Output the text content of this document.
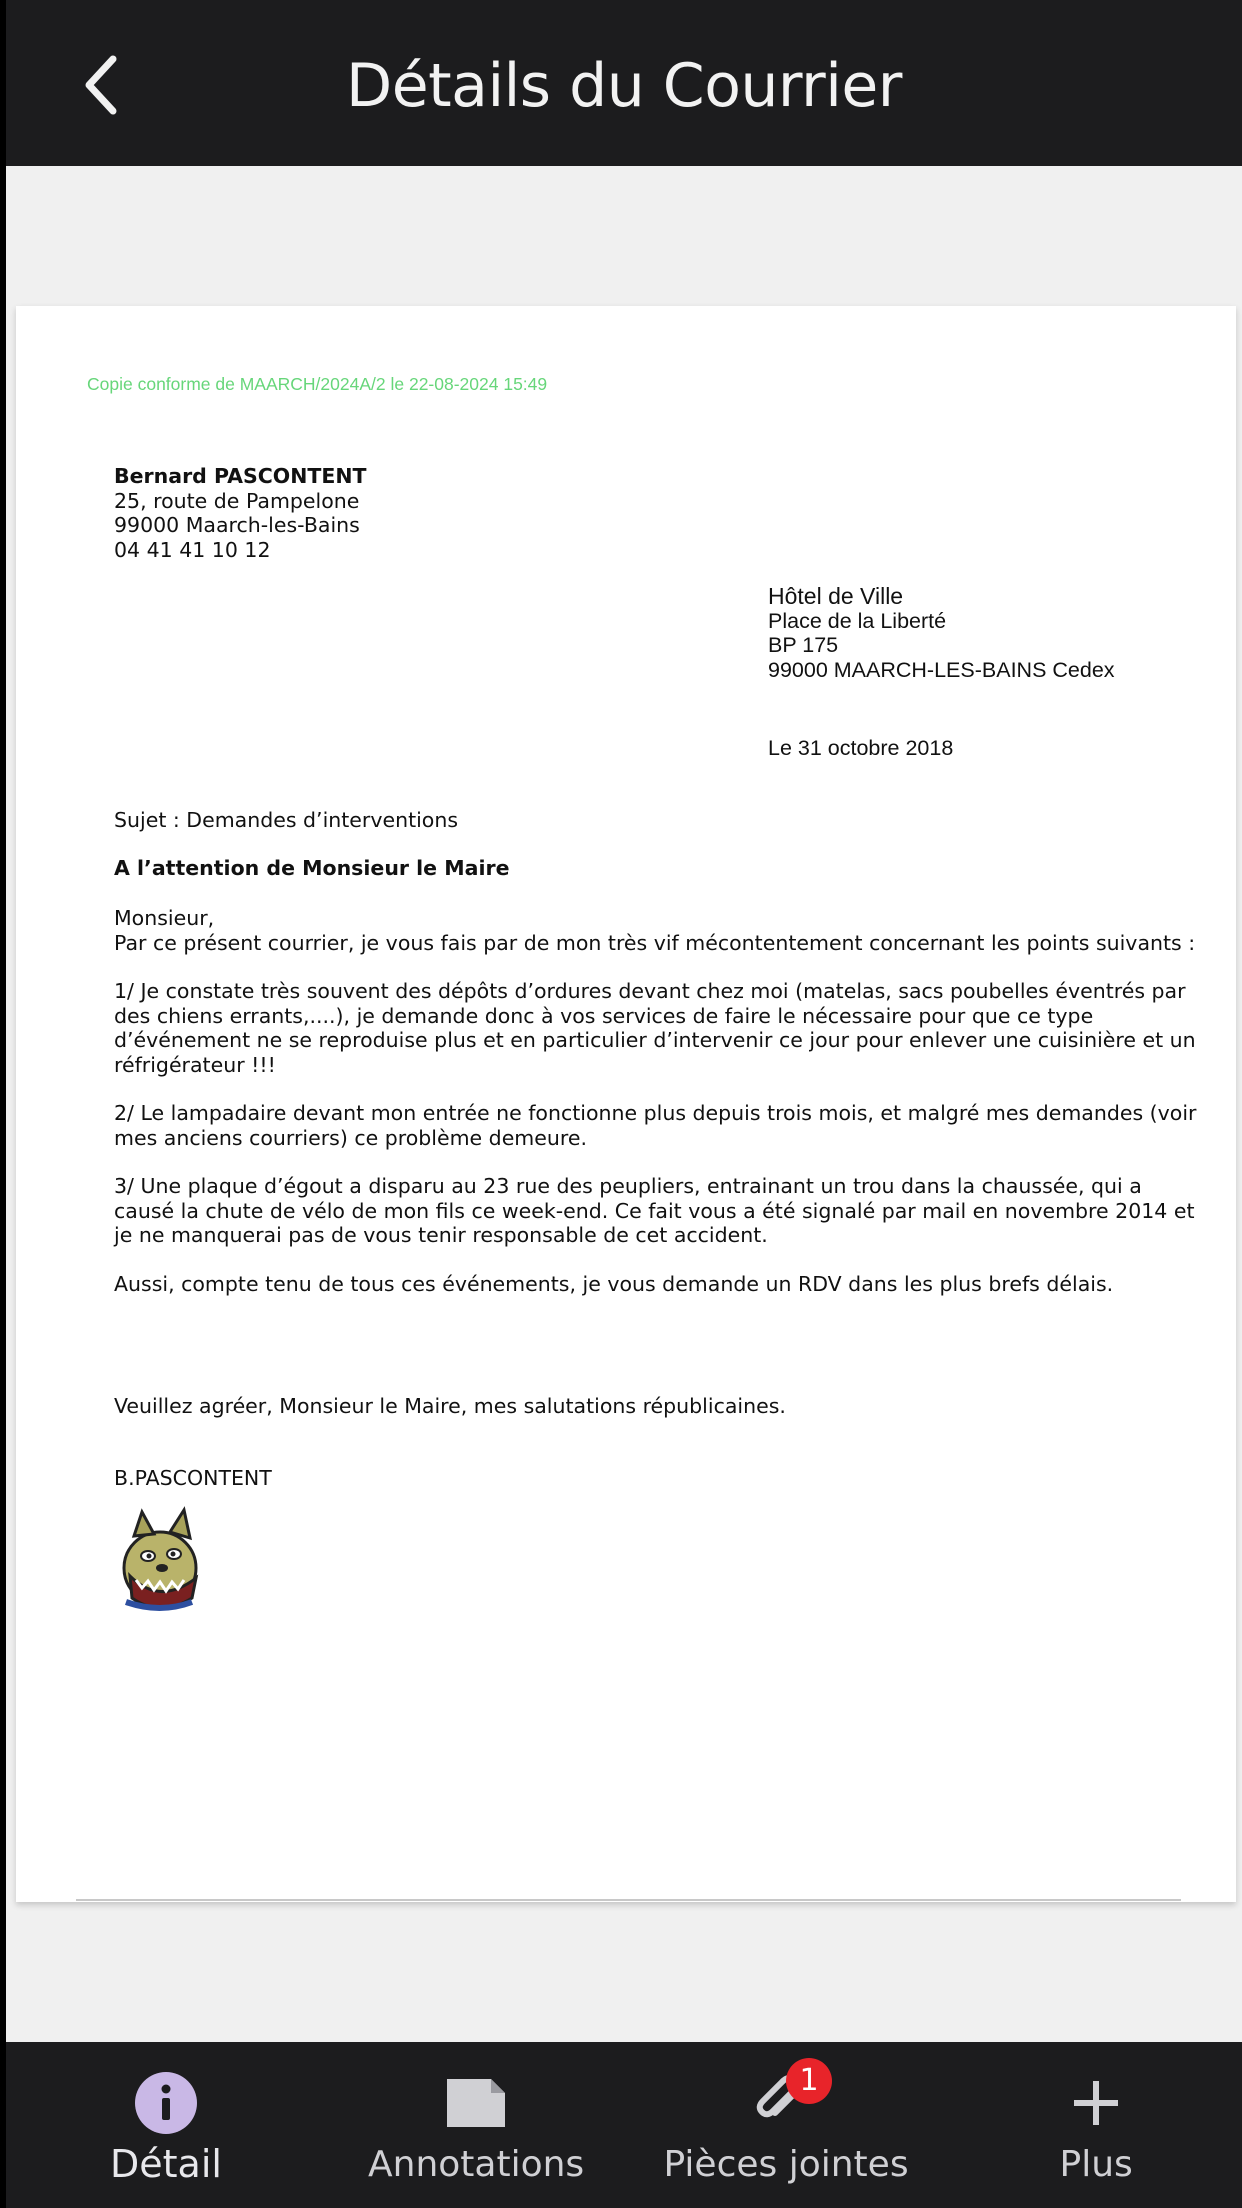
Détails du Courrier
Copie conforme de MAARCH/2024A/2 le 22-08-2024 15:49
Bernard PASCONTENT
25, route de Pampelone
99000 Maarch-les-Bains
04 41 41 10 12
Hôtel de Ville
Place de la Liberté
BP 175
99000 MAARCH-LES-BAINS Cedex
Le 31 octobre 2018
Sujet : Demandes d’interventions
A l’attention de Monsieur le Maire

Monsieur,
Par ce présent courrier, je vous fais par de mon très vif mécontentement concernant les points suivants :

1/ Je constate très souvent des dépôts d’ordures devant chez moi (matelas, sacs poubelles éventrés par des chiens errants,....), je demande donc à vos services de faire le nécessaire pour que ce type d’événement ne se reproduise plus et en particulier d’intervenir ce jour pour enlever une cuisinière et un réfrigérateur !!!

2/ Le lampadaire devant mon entrée ne fonctionne plus depuis trois mois, et malgré mes demandes (voir mes anciens courriers) ce problème demeure.

3/ Une plaque d’égout a disparu au 23 rue des peupliers, entrainant un trou dans la chaussée, qui a causé la chute de vélo de mon fils ce week-end. Ce fait vous a été signalé par mail en novembre 2014 et je ne manquerai pas de vous tenir responsable de cet accident.

Aussi, compte tenu de tous ces événements, je vous demande un RDV dans les plus brefs délais.

Veuillez agréer, Monsieur le Maire, mes salutations républicaines.
B.PASCONTENT
Détail	Annotations
1
Pièces jointes	Plus
